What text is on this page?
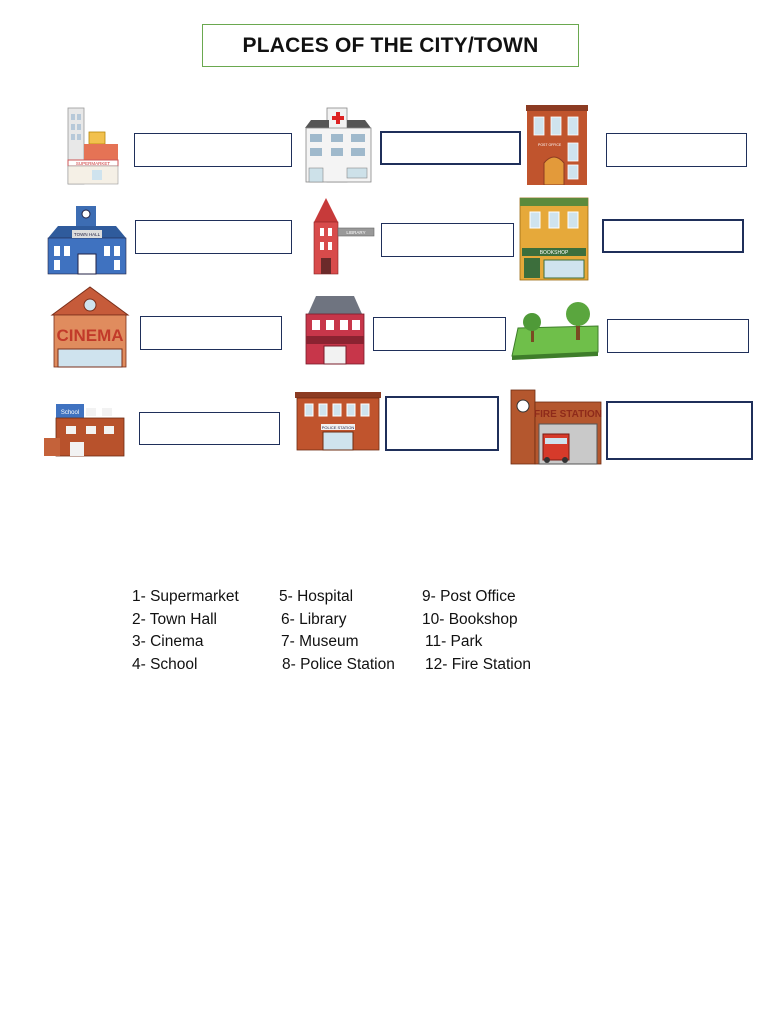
PLACES OF THE CITY/TOWN
SUPERMARKET
POST OFFICE
TOWN HALL	LIBRARY
BOOKSHOP
CINEMA
School
POLICE STATION
FIRE STATION
1- Supermarket
2- Town Hall
3- Cinema
4- School
5- Hospital
6- Library
7- Museum
8- Police Station
9- Post Office
10- Bookshop
11- Park
12- Fire Station
